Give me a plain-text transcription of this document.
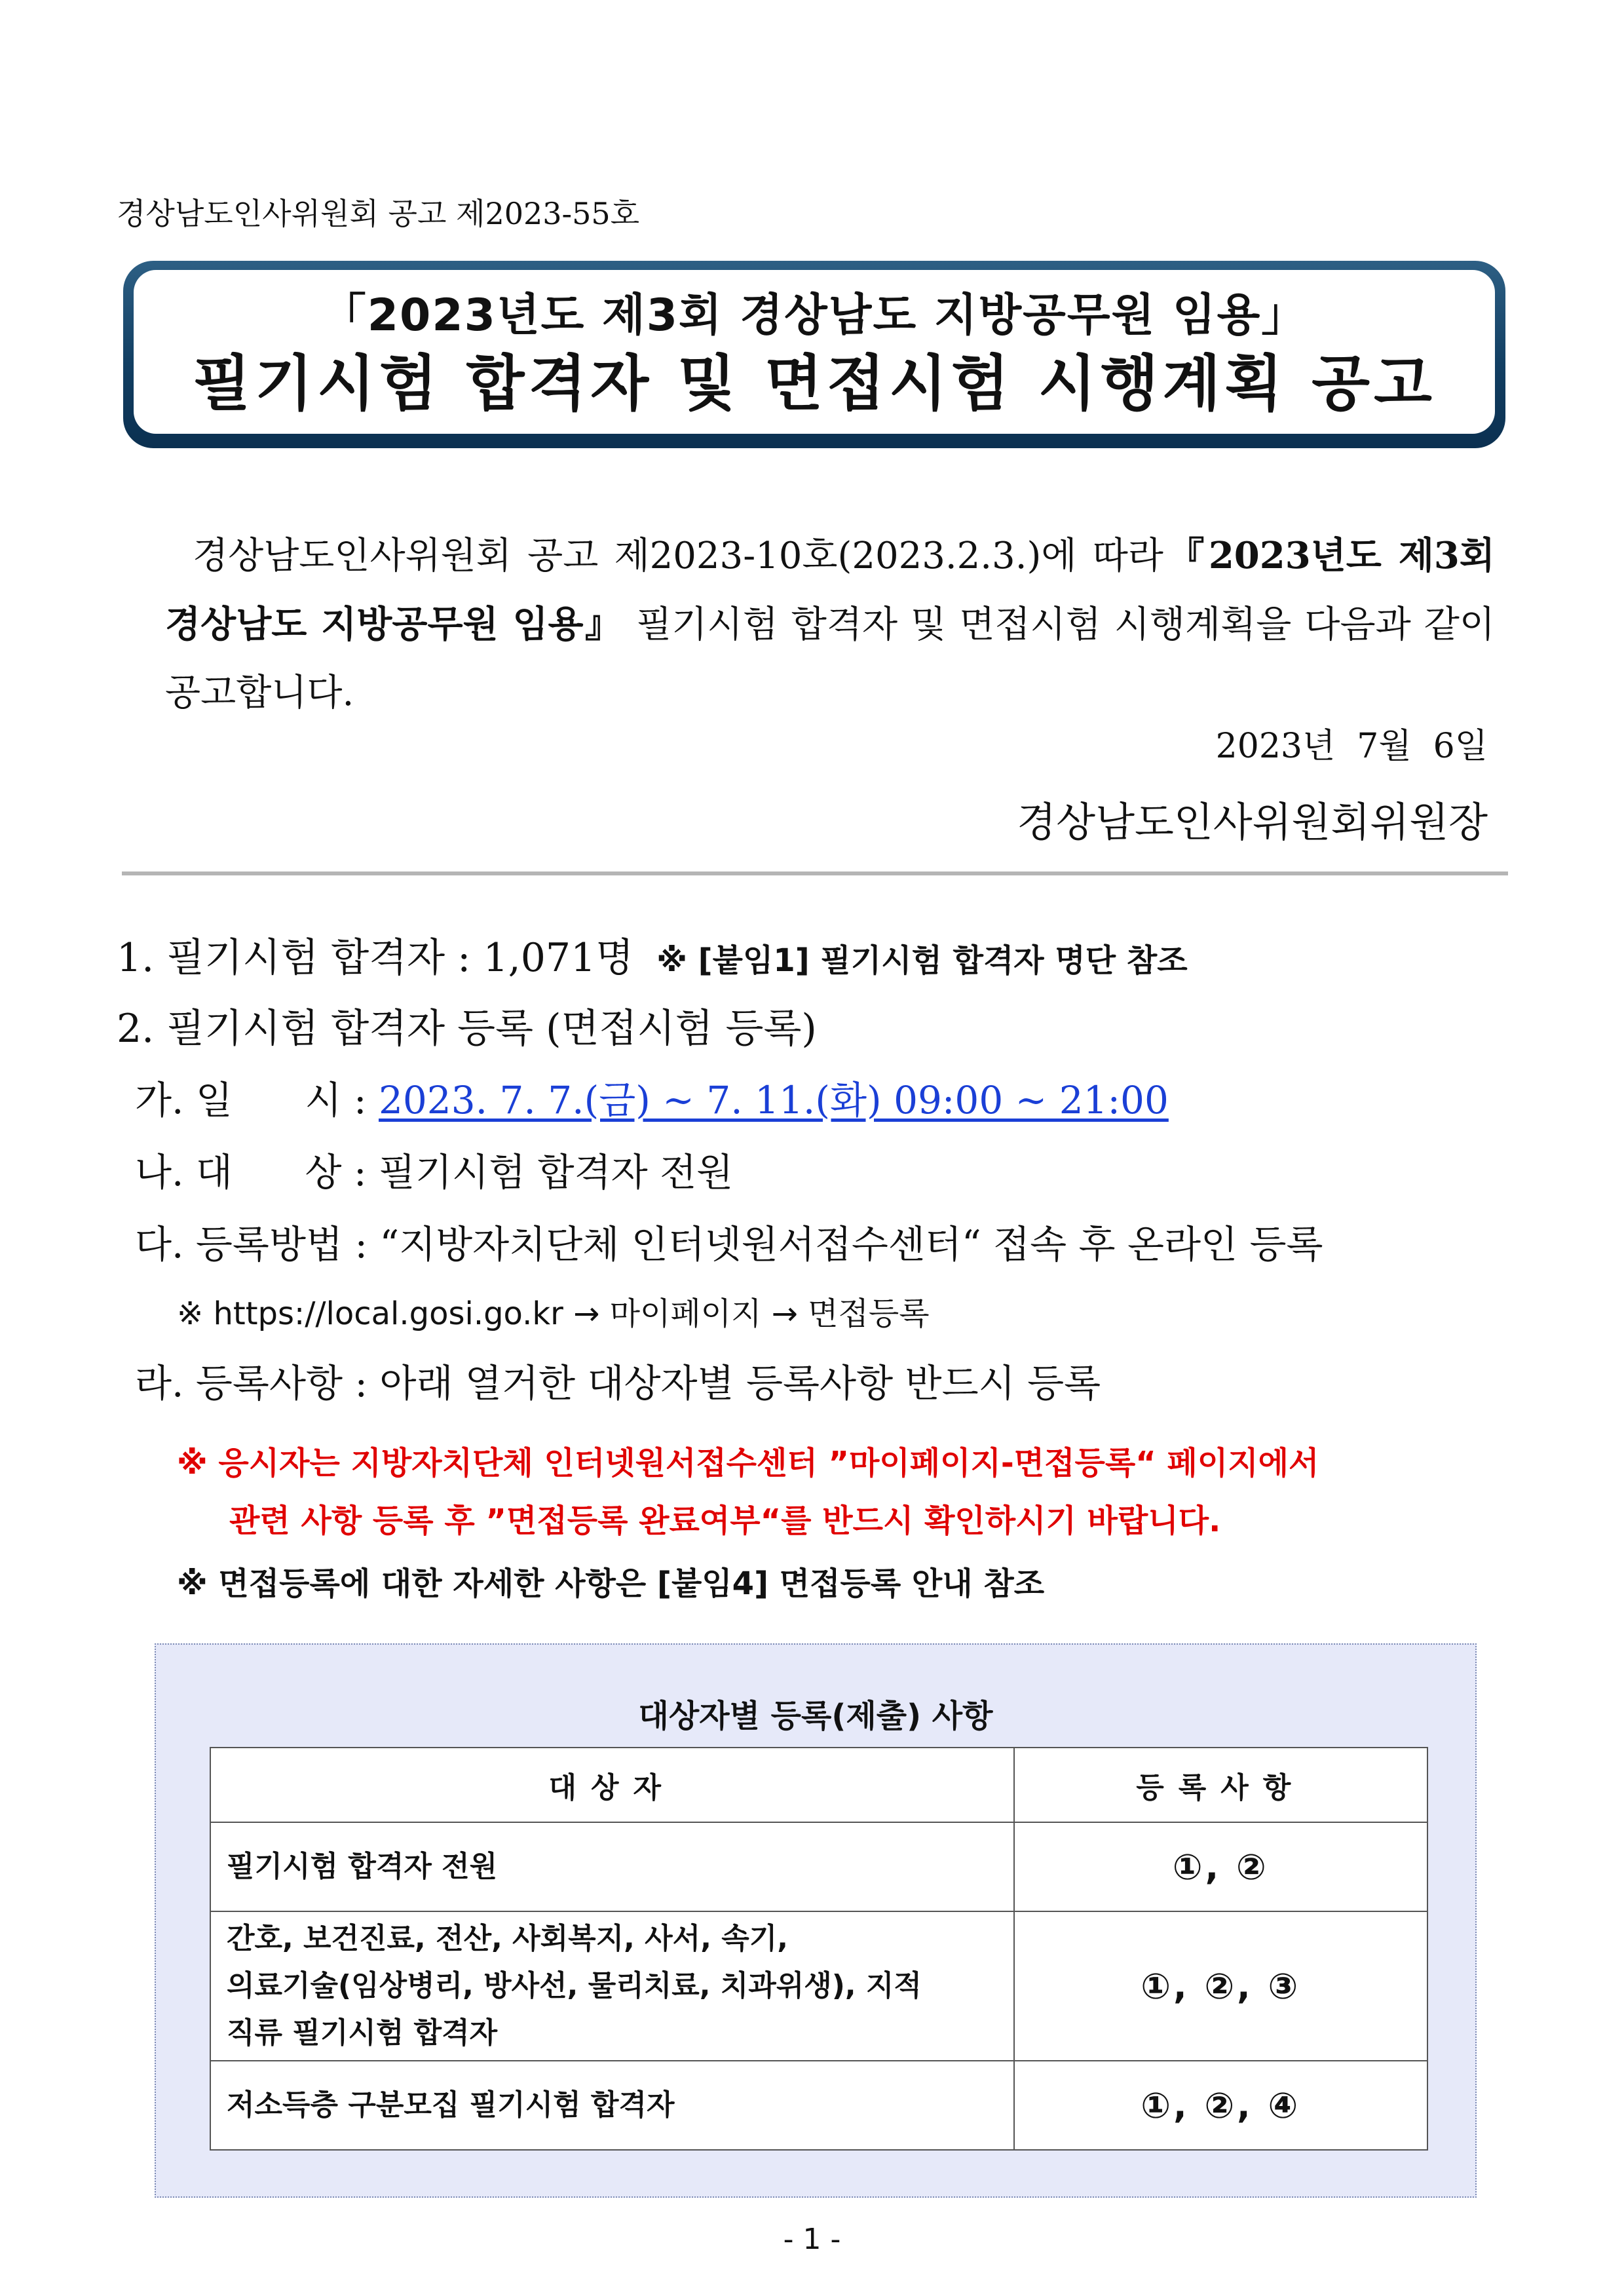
경상남도인사위원회 공고 제2023-55호
「2023년도 제3회 경상남도 지방공무원 임용」
필기시험 합격자 및 면접시험 시행계획 공고
경상남도인사위원회 공고 제2023-10호(2023.2.3.)에 따라『2023년도 제3회 경상남도 지방공무원 임용』 필기시험 합격자 및 면접시험 시행계획을 다음과 같이 공고합니다.
2023년  7월  6일
경상남도인사위원회위원장
1. 필기시험 합격자 : 1,071명 ※ [붙임1] 필기시험 합격자 명단 참조
2. 필기시험 합격자 등록 (면접시험 등록)
가. 일      시 : 2023. 7. 7.(금) ~ 7. 11.(화) 09:00 ~ 21:00
나. 대      상 : 필기시험 합격자 전원
다. 등록방법 : “지방자치단체 인터넷원서접수센터“ 접속 후 온라인 등록
※ https://local.gosi.go.kr → 마이페이지 → 면접등록
라. 등록사항 : 아래 열거한 대상자별 등록사항 반드시 등록
※ 응시자는 지방자치단체 인터넷원서접수센터 ”마이페이지-면접등록“ 페이지에서
관련 사항 등록 후 ”면접등록 완료여부“를 반드시 확인하시기 바랍니다.
※ 면접등록에 대한 자세한 사항은 [붙임4] 면접등록 안내 참조
대상자별 등록(제출) 사항
대상자	등록사항
필기시험 합격자 전원	①, ②
간호, 보건진료, 전산, 사회복지, 사서, 속기,
의료기술(임상병리, 방사선, 물리치료, 치과위생), 지적
직류 필기시험 합격자	①, ②, ③
저소득층 구분모집 필기시험 합격자	①, ②, ④
- 1 -
